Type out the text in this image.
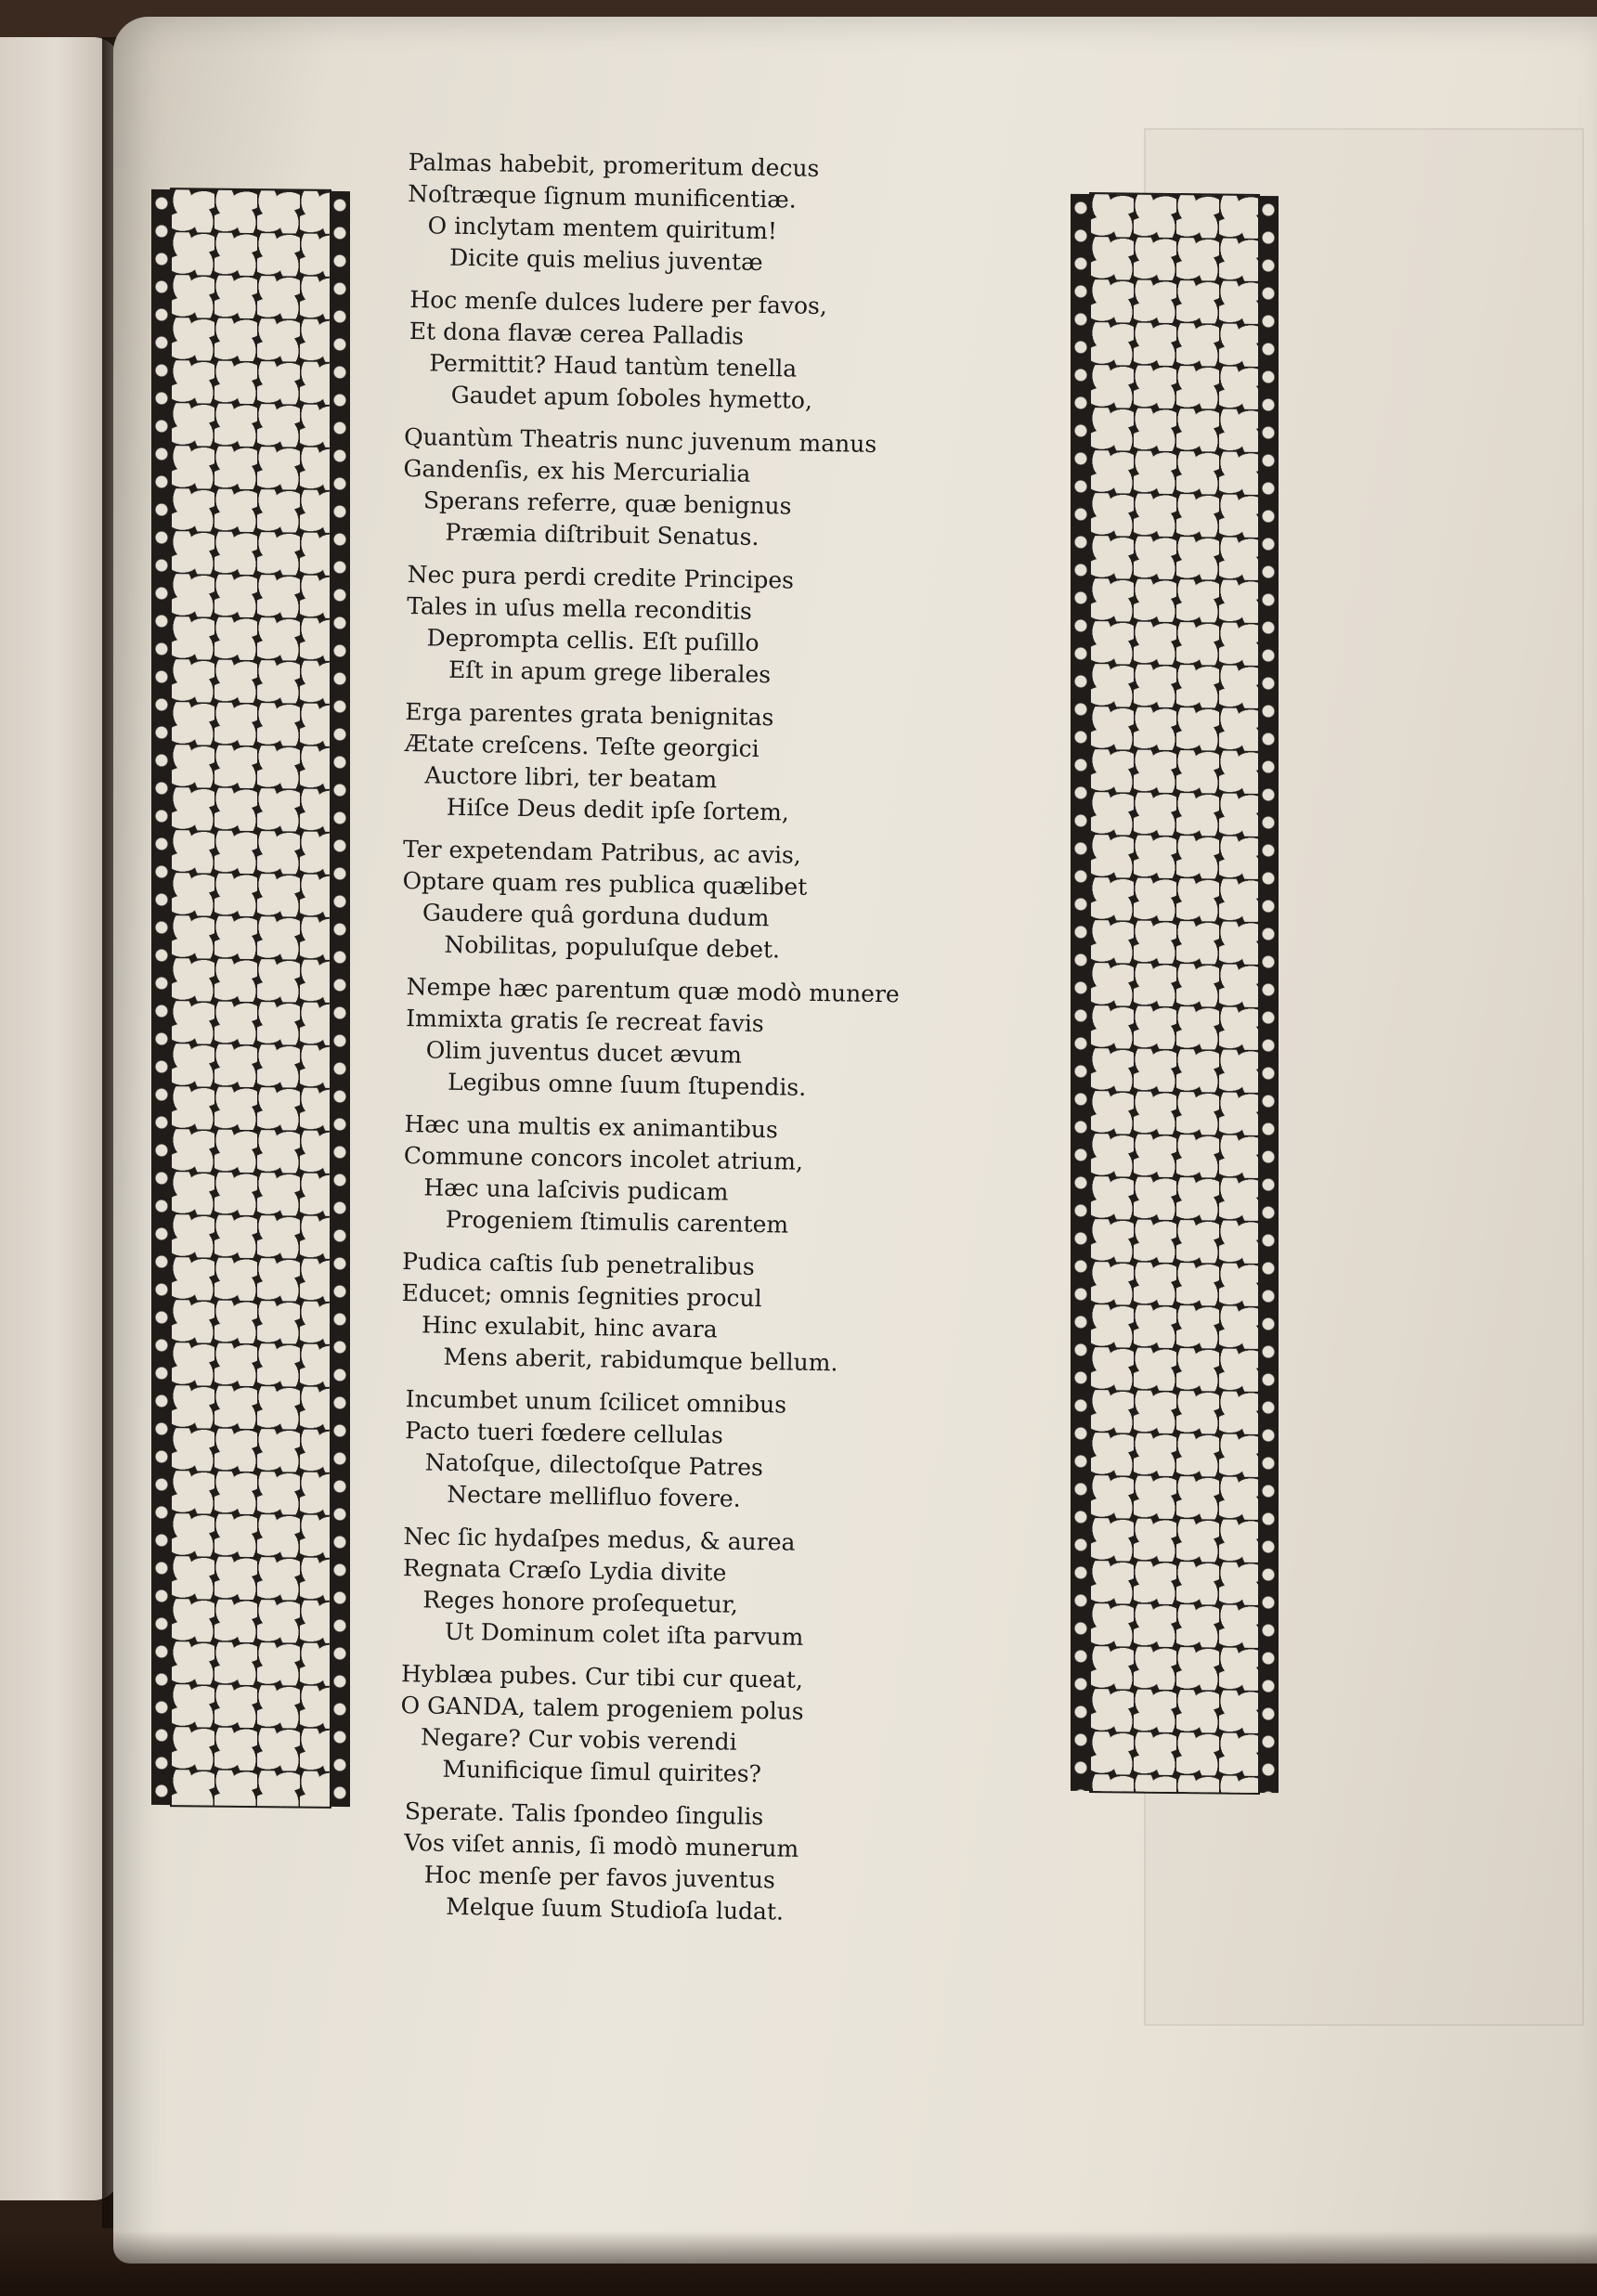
Palmas habebit, promeritum decus
Noſtræque ſignum munificentiæ.
O inclytam mentem quiritum!
Dicite quis melius juventæ
Hoc menſe dulces ludere per favos,
Et dona flavæ cerea Palladis
Permittit? Haud tantùm tenella
Gaudet apum ſoboles hymetto,
Quantùm Theatris nunc juvenum manus
Gandenſis, ex his Mercurialia
Sperans referre, quæ benignus
Præmia diſtribuit Senatus.
Nec pura perdi credite Principes
Tales in uſus mella reconditis
Deprompta cellis. Eſt puſillo
Eſt in apum grege liberales
Erga parentes grata benignitas
Ætate creſcens. Teſte georgici
Auctore libri, ter beatam
Hiſce Deus dedit ipſe ſortem,
Ter expetendam Patribus, ac avis,
Optare quam res publica quælibet
Gaudere quâ gorduna dudum
Nobilitas, populuſque debet.
Nempe hæc parentum quæ modò munere
Immixta gratis ſe recreat favis
Olim juventus ducet ævum
Legibus omne ſuum ſtupendis.
Hæc una multis ex animantibus
Commune concors incolet atrium,
Hæc una laſcivis pudicam
Progeniem ſtimulis carentem
Pudica caſtis ſub penetralibus
Educet; omnis ſegnities procul
Hinc exulabit, hinc avara
Mens aberit, rabidumque bellum.
Incumbet unum ſcilicet omnibus
Pacto tueri fœdere cellulas
Natoſque, dilectoſque Patres
Nectare mellifluo fovere.
Nec ſic hydaſpes medus, & aurea
Regnata Cræſo Lydia divite
Reges honore proſequetur,
Ut Dominum colet iſta parvum
Hyblæa pubes. Cur tibi cur queat,
O GANDA, talem progeniem polus
Negare? Cur vobis verendi
Munificique ſimul quirites?
Sperate. Talis ſpondeo ſingulis
Vos viſet annis, ſi modò munerum
Hoc menſe per favos juventus
Melque ſuum Studioſa ludat.
